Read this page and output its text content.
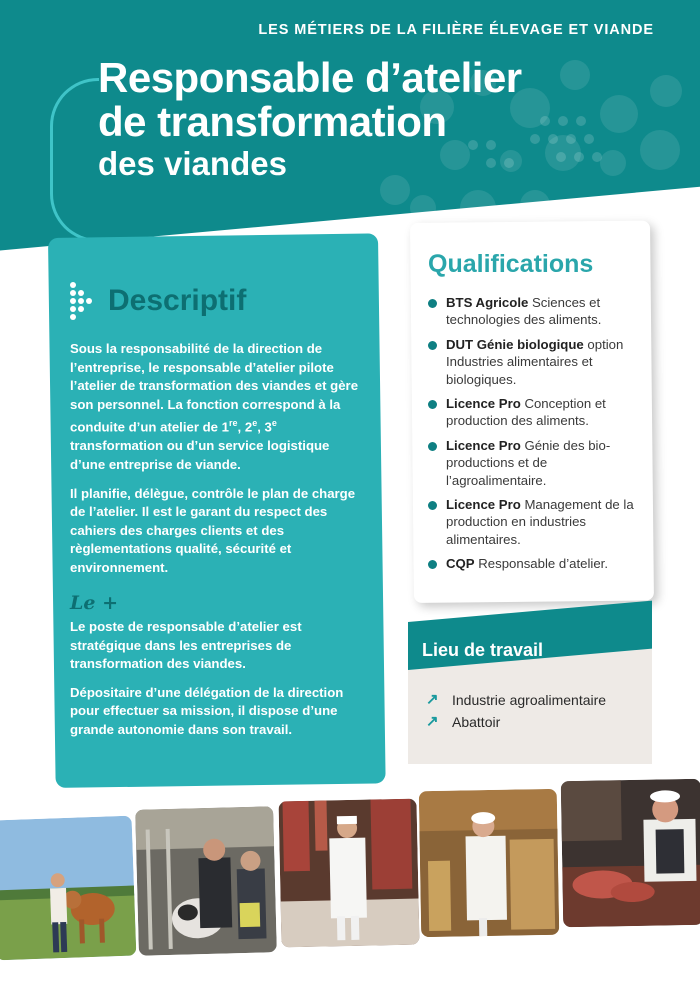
LES MÉTIERS DE LA FILIÈRE ÉLEVAGE ET VIANDE
Responsable d’atelier
de transformation
des viandes
Descriptif

Sous la responsabilité de la direction de l’entreprise, le responsable d’atelier pilote l’atelier de transformation des viandes et gère son personnel. La fonction correspond à la conduite d’un atelier de 1re, 2e, 3e transformation ou d’un service logistique d’une entreprise de viande.

Il planifie, délègue, contrôle le plan de charge de l’atelier. Il est le garant du respect des cahiers des charges clients et des règlementations qualité, sécurité et environnement.

Le +

Le poste de responsable d’atelier est stratégique dans les entreprises de transformation des viandes.

Dépositaire d’une délégation de la direction pour effectuer sa mission, il dispose d’une grande autonomie dans son travail.

Qualifications
BTS Agricole Sciences et technologies des aliments.
DUT Génie biologique option Industries alimentaires et biologiques.
Licence Pro Conception et production des aliments.
Licence Pro Génie des bio-productions et de l’agroalimentaire.
Licence Pro Management de la production en industries alimentaires.
CQP Responsable d’atelier.
Lieu de travail
↗ Industrie agroalimentaire
↗ Abattoir
